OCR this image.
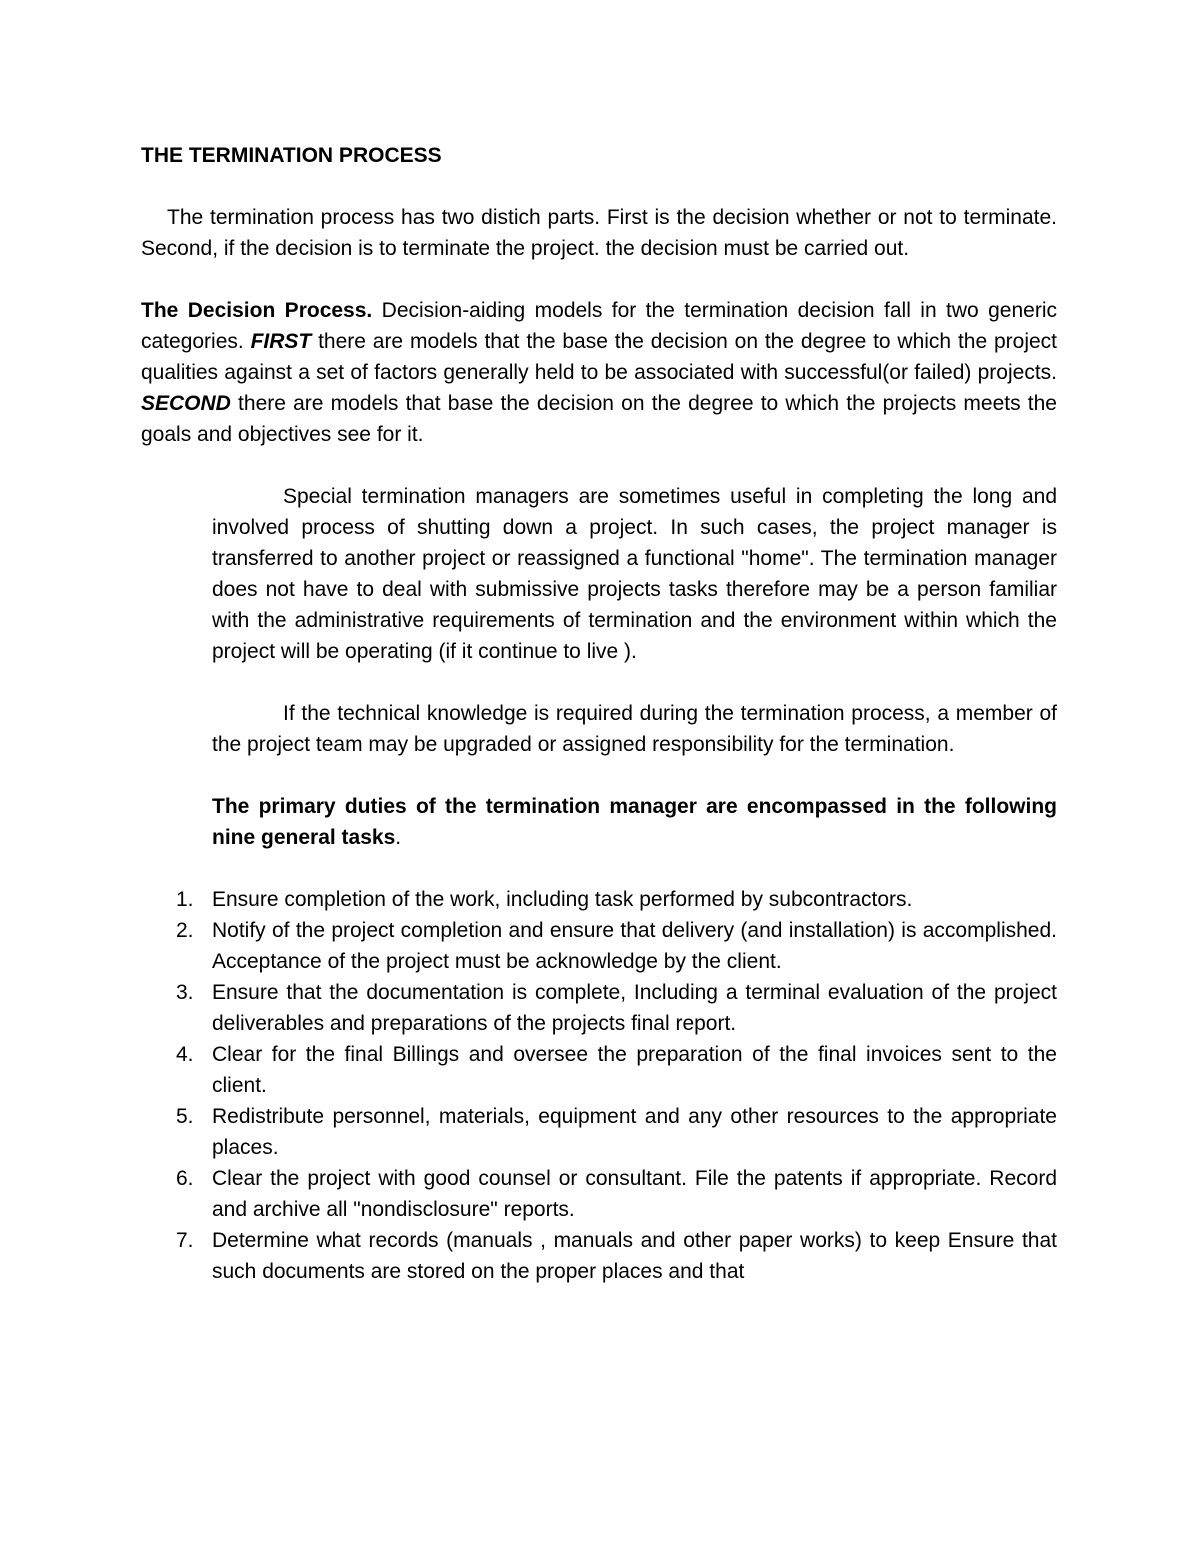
THE TERMINATION PROCESS

The termination process has two distich parts. First is the decision whether or not to terminate. Second, if the decision is to terminate the project. the decision must be carried out.

The Decision Process. Decision-aiding models for the termination decision fall in two generic categories. FIRST there are models that the base the decision on the degree to which the project qualities against a set of factors generally held to be associated with successful(or failed) projects. SECOND there are models that base the decision on the degree to which the projects meets the goals and objectives see for it.

Special termination managers are sometimes useful in completing the long and involved process of shutting down a project. In such cases, the project manager is transferred to another project or reassigned a functional "home". The termination manager does not have to deal with submissive projects tasks therefore may be a person familiar with the administrative requirements of termination and the environment within which the project will be operating (if it continue to live ).

If the technical knowledge is required during the termination process, a member of the project team may be upgraded or assigned responsibility for the termination.

The primary duties of the termination manager are encompassed in the following nine general tasks.

1. Ensure completion of the work, including task performed by subcontractors.
2. Notify of the project completion and ensure that delivery (and installation) is accomplished. Acceptance of the project must be acknowledge by the client.
3. Ensure that the documentation is complete, Including a terminal evaluation of the project deliverables and preparations of the projects final report.
4. Clear for the final Billings and oversee the preparation of the final invoices sent to the client.
5. Redistribute personnel, materials, equipment and any other resources to the appropriate places.
6. Clear the project with good counsel or consultant. File the patents if appropriate. Record and archive all "nondisclosure" reports.
7. Determine what records (manuals , manuals and other paper works) to keep Ensure that such documents are stored on the proper places and that
